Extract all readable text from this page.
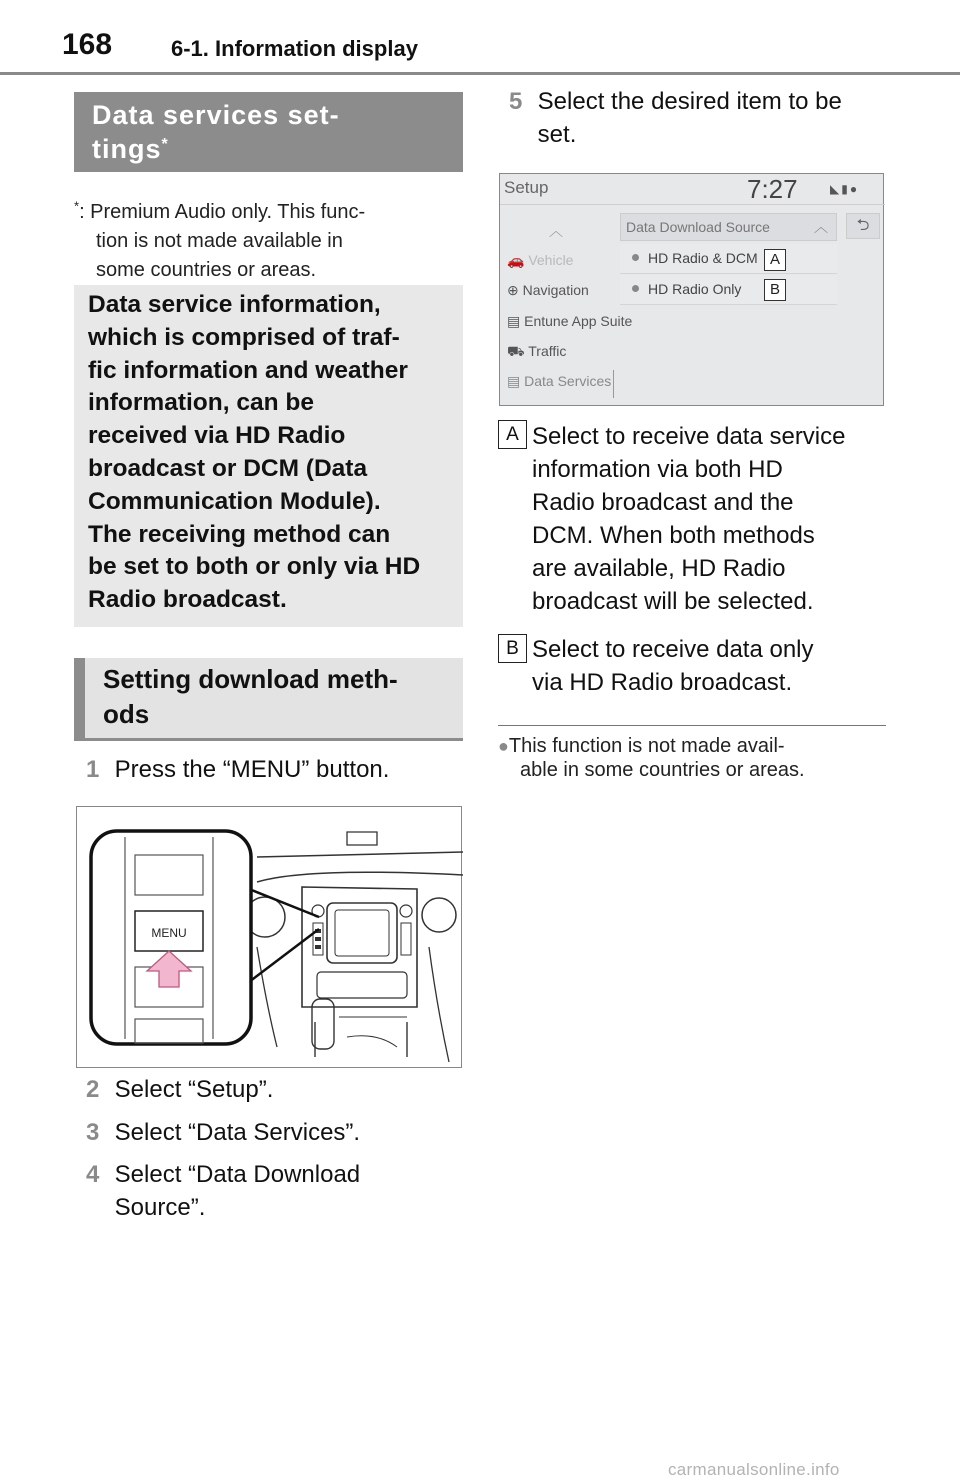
168	6-1. Information display
Data services set-
tings*
*: Premium Audio only. This func-
tion is not made available in
some countries or areas.
Data service information,
which is comprised of traf-
fic information and weather
information, can be
received via HD Radio
broadcast or DCM (Data
Communication Module).
The receiving method can
be set to both or only via HD
Radio broadcast.
Setting download meth-
ods
1 Press the “MENU” button.
MENU
2 Select “Setup”.
3 Select “Data Services”.
4 Select “Data Download
Source”.
5 Select the desired item to be
set.
Setup	7:27	◣▮●
︿
🚗 Vehicle
⊕ Navigation
▤ Entune App Suite
⛟ Traffic
▤ Data Services
Data Download Source	︿	⮌
HD Radio & DCM
HD Radio Only
A
B
A Select to receive data service
information via both HD
Radio broadcast and the
DCM. When both methods
are available, HD Radio
broadcast will be selected.
B Select to receive data only
via HD Radio broadcast.
●This function is not made avail-
able in some countries or areas.
carmanualsonline.info
